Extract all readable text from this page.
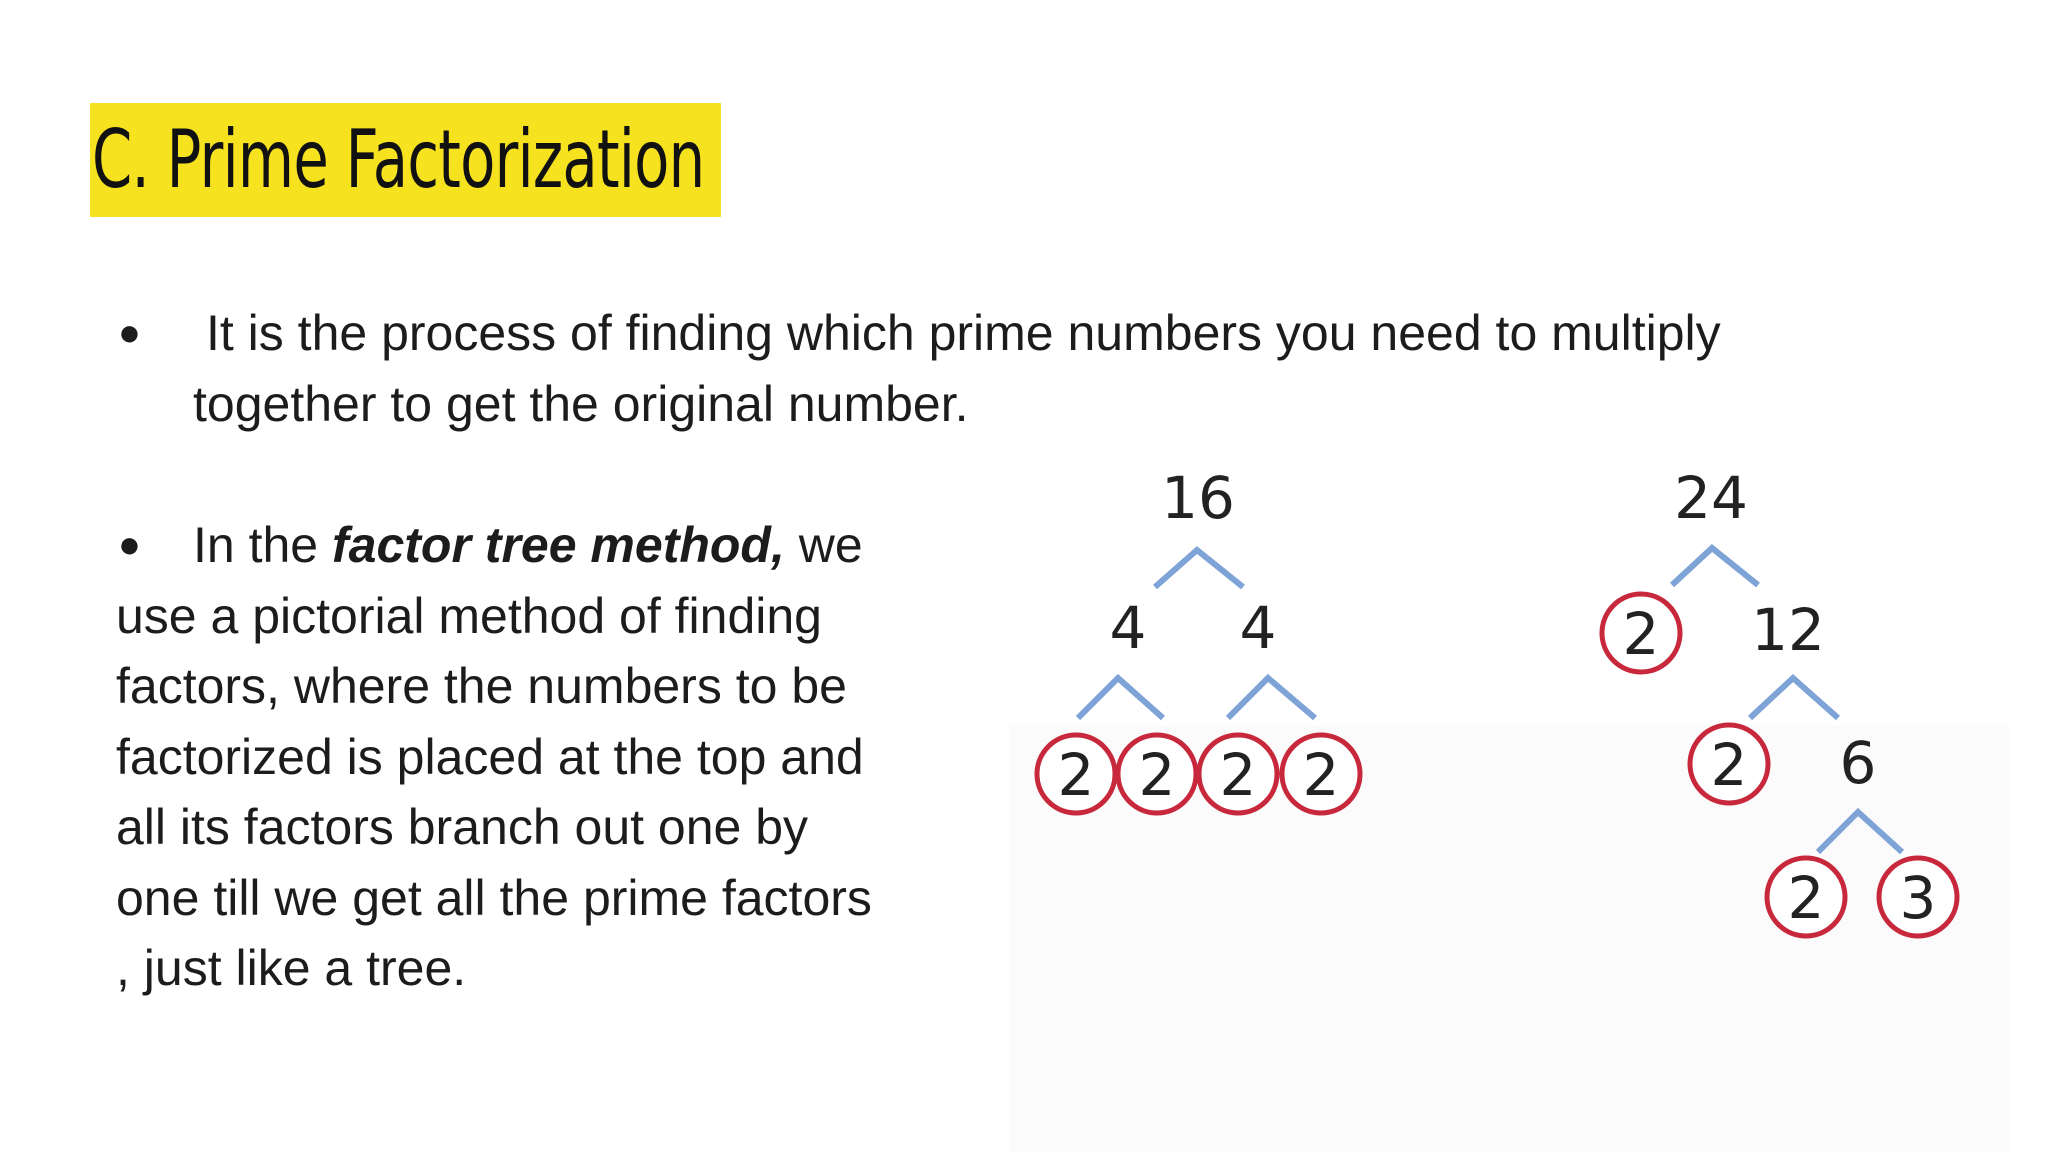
C. Prime Factorization
● It is the process of finding which prime numbers you need to multiply
together to get the original number.
●	In the factor tree method, we
use a pictorial method of finding
factors, where the numbers to be
factorized is placed at the top and
all its factors branch out one by
one till we get all the prime factors
, just like a tree.
16
4 4
2 2 2 2
24
2 12
2 6
2 3
